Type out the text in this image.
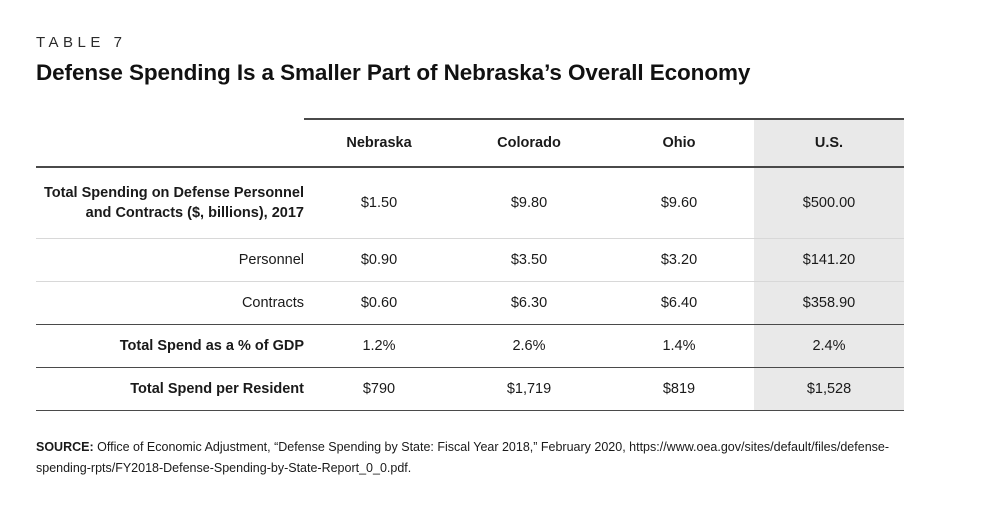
TABLE 7
Defense Spending Is a Smaller Part of Nebraska’s Overall Economy
	Nebraska	Colorado	Ohio	U.S.
Total Spending on Defense Personnel and Contracts ($, billions), 2017	$1.50	$9.80	$9.60	$500.00
Personnel	$0.90	$3.50	$3.20	$141.20
Contracts	$0.60	$6.30	$6.40	$358.90
Total Spend as a % of GDP	1.2%	2.6%	1.4%	2.4%
Total Spend per Resident	$790	$1,719	$819	$1,528
SOURCE: Office of Economic Adjustment, “Defense Spending by State: Fiscal Year 2018,” February 2020, https://www.oea.gov/sites/default/files/defense-spending-rpts/FY2018-Defense-Spending-by-State-Report_0_0.pdf.
